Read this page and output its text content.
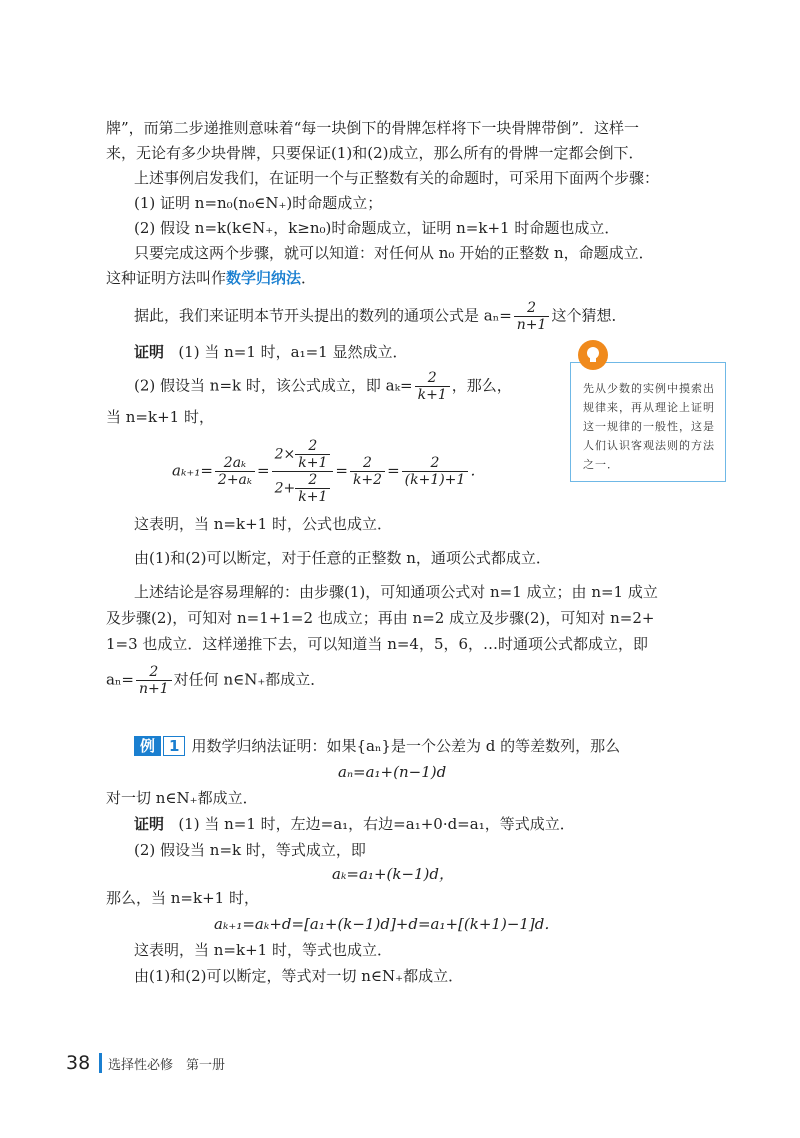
牌”，而第二步递推则意味着“每一块倒下的骨牌怎样将下一块骨牌带倒”．这样一
来，无论有多少块骨牌，只要保证(1)和(2)成立，那么所有的骨牌一定都会倒下．
上述事例启发我们，在证明一个与正整数有关的命题时，可采用下面两个步骤：
(1) 证明 n=n₀(n₀∈N₊)时命题成立；
(2) 假设 n=k(k∈N₊，k≥n₀)时命题成立，证明 n=k+1 时命题也成立．
只要完成这两个步骤，就可以知道：对任何从 n₀ 开始的正整数 n，命题成立．
这种证明方法叫作数学归纳法．
据此，我们来证明本节开头提出的数列的通项公式是 $a_n= \frac{2}{n+1}$ 这个猜想．
证明 (1) 当 n=1 时，a₁=1 显然成立．
(2) 假设当 n=k 时，该公式成立，即 $a_k= \frac{2}{k+1}$ ，那么，
当 n=k+1 时，
$a_{k+1}= \frac{\text{2aₖ}}{\text{2+aₖ}} = \frac{2\times \frac{2}{k+1}}{2+ \frac{2}{k+1}} = \frac{2}{k+2} = \frac{2}{(k+1)+1}$ ．
这表明，当 n=k+1 时，公式也成立．
由(1)和(2)可以断定，对于任意的正整数 n，通项公式都成立．
上述结论是容易理解的：由步骤(1)，可知通项公式对 n=1 成立；由 n=1 成立
及步骤(2)，可知对 n=1+1=2 也成立；再由 n=2 成立及步骤(2)，可知对 n=2+
1=3 也成立．这样递推下去，可以知道当 n=4，5，6，…时通项公式都成立，即
$a_n= \frac{2}{n+1}$ 对任何 n∈N₊都成立．
例 1 用数学归纳法证明：如果{aₙ}是一个公差为 d 的等差数列，那么
aₙ=a₁+(n−1)d
对一切 n∈N₊都成立．
证明 (1) 当 n=1 时，左边=a₁，右边=a₁+0·d=a₁，等式成立．
(2) 假设当 n=k 时，等式成立，即
aₖ=a₁+(k−1)d，
那么，当 n=k+1 时，
aₖ₊₁=aₖ+d=[a₁+(k−1)d]+d=a₁+[(k+1)−1]d．
这表明，当 n=k+1 时，等式也成立．
由(1)和(2)可以断定，等式对一切 n∈N₊都成立．
先从少数的实例中摸索出规律来，再从理论上证明这一规律的一般性，这是人们认识客观法则的方法之一．
38 选择性必修　第一册
